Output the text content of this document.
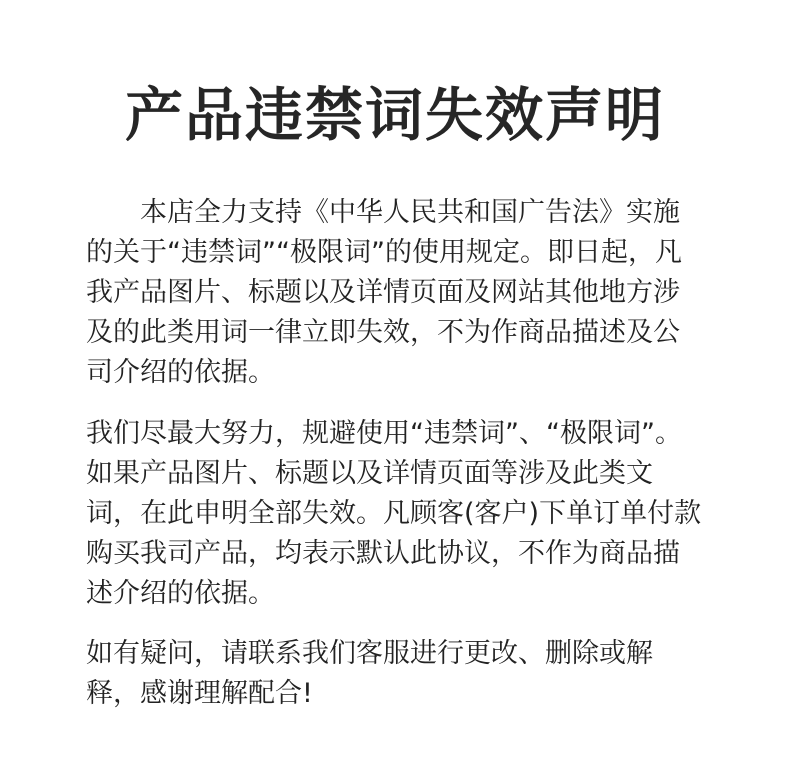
产品违禁词失效声明

本店全力支持《中华人民共和国广告法》实施的关于“违禁词”“极限词”的使用规定。即日起，凡我产品图片、标题以及详情页面及网站其他地方涉及的此类用词一律立即失效，不为作商品描述及公司介绍的依据。

我们尽最大努力，规避使用“违禁词”、“极限词”。如果产品图片、标题以及详情页面等涉及此类文词，在此申明全部失效。凡顾客(客户)下单订单付款购买我司产品，均表示默认此协议，不作为商品描述介绍的依据。

如有疑问，请联系我们客服进行更改、删除或解释，感谢理解配合!
